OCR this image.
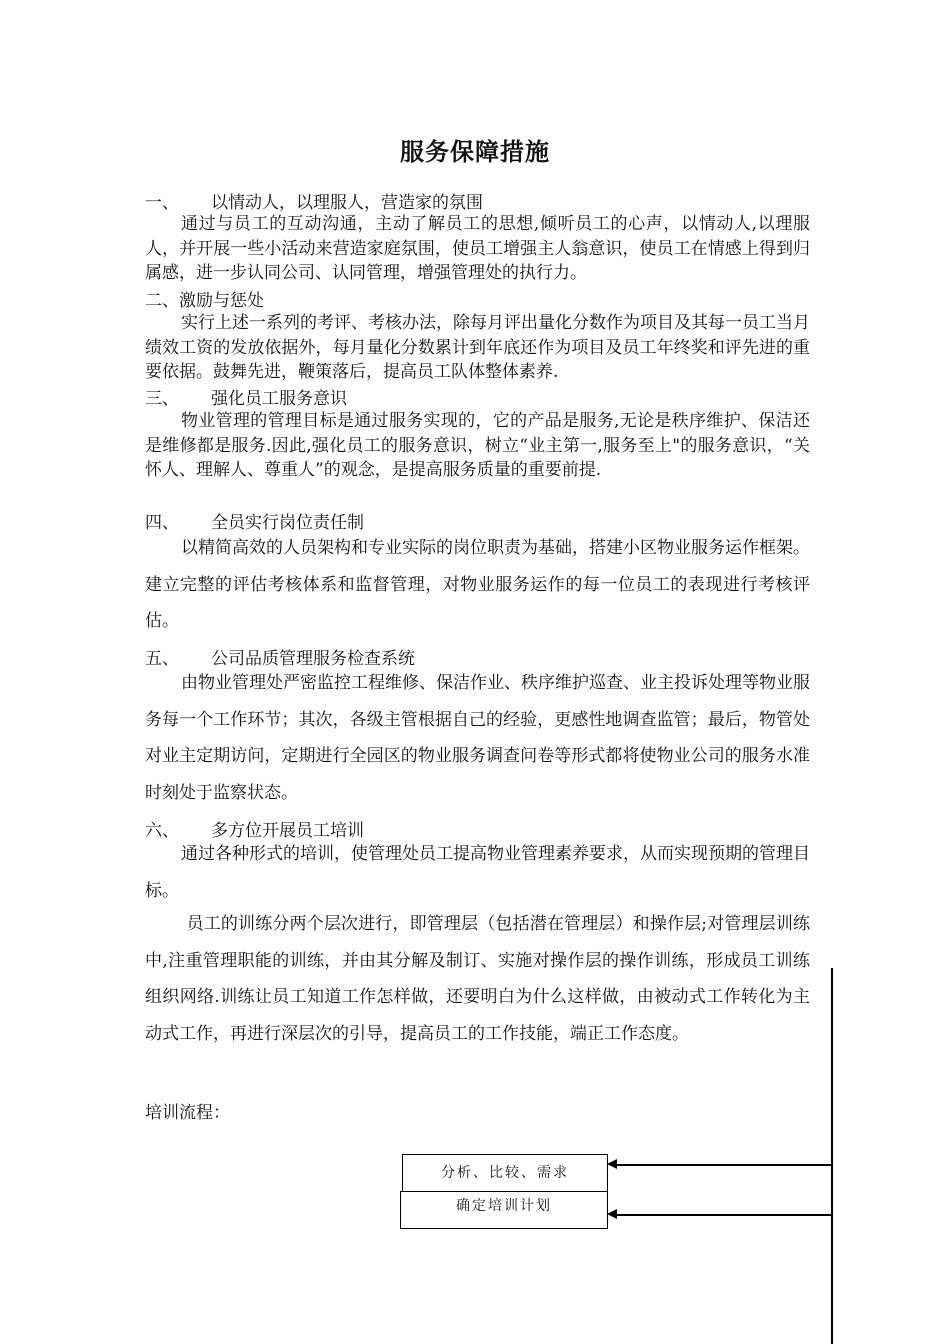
服务保障措施
一、 以情动人，以理服人，营造家的氛围
通过与员工的互动沟通，主动了解员工的思想,倾听员工的心声，以情动人,以理服人，并开展一些小活动来营造家庭氛围，使员工增强主人翁意识，使员工在情感上得到归属感，进一步认同公司、认同管理，增强管理处的执行力。
二、激励与惩处
实行上述一系列的考评、考核办法，除每月评出量化分数作为项目及其每一员工当月绩效工资的发放依据外，每月量化分数累计到年底还作为项目及员工年终奖和评先进的重要依据。鼓舞先进，鞭策落后，提高员工队体整体素养.
三、 强化员工服务意识
物业管理的管理目标是通过服务实现的，它的产品是服务,无论是秩序维护、保洁还是维修都是服务.因此,强化员工的服务意识，树立“业主第一,服务至上"的服务意识，“关怀人、理解人、尊重人”的观念，是提高服务质量的重要前提.
四、 全员实行岗位责任制
以精简高效的人员架构和专业实际的岗位职责为基础，搭建小区物业服务运作框架。建立完整的评估考核体系和监督管理，对物业服务运作的每一位员工的表现进行考核评估。
五、 公司品质管理服务检查系统
由物业管理处严密监控工程维修、保洁作业、秩序维护巡查、业主投诉处理等物业服务每一个工作环节；其次，各级主管根据自己的经验，更感性地调查监管；最后，物管处对业主定期访问，定期进行全园区的物业服务调查问卷等形式都将使物业公司的服务水准时刻处于监察状态。
六、 多方位开展员工培训
通过各种形式的培训，使管理处员工提高物业管理素养要求，从而实现预期的管理目标。
员工的训练分两个层次进行，即管理层（包括潜在管理层）和操作层;对管理层训练中,注重管理职能的训练，并由其分解及制订、实施对操作层的操作训练，形成员工训练组织网络.训练让员工知道工作怎样做，还要明白为什么这样做，由被动式工作转化为主动式工作，再进行深层次的引导，提高员工的工作技能，端正工作态度。
培训流程：
分析、比较、需求
确定培训计划
